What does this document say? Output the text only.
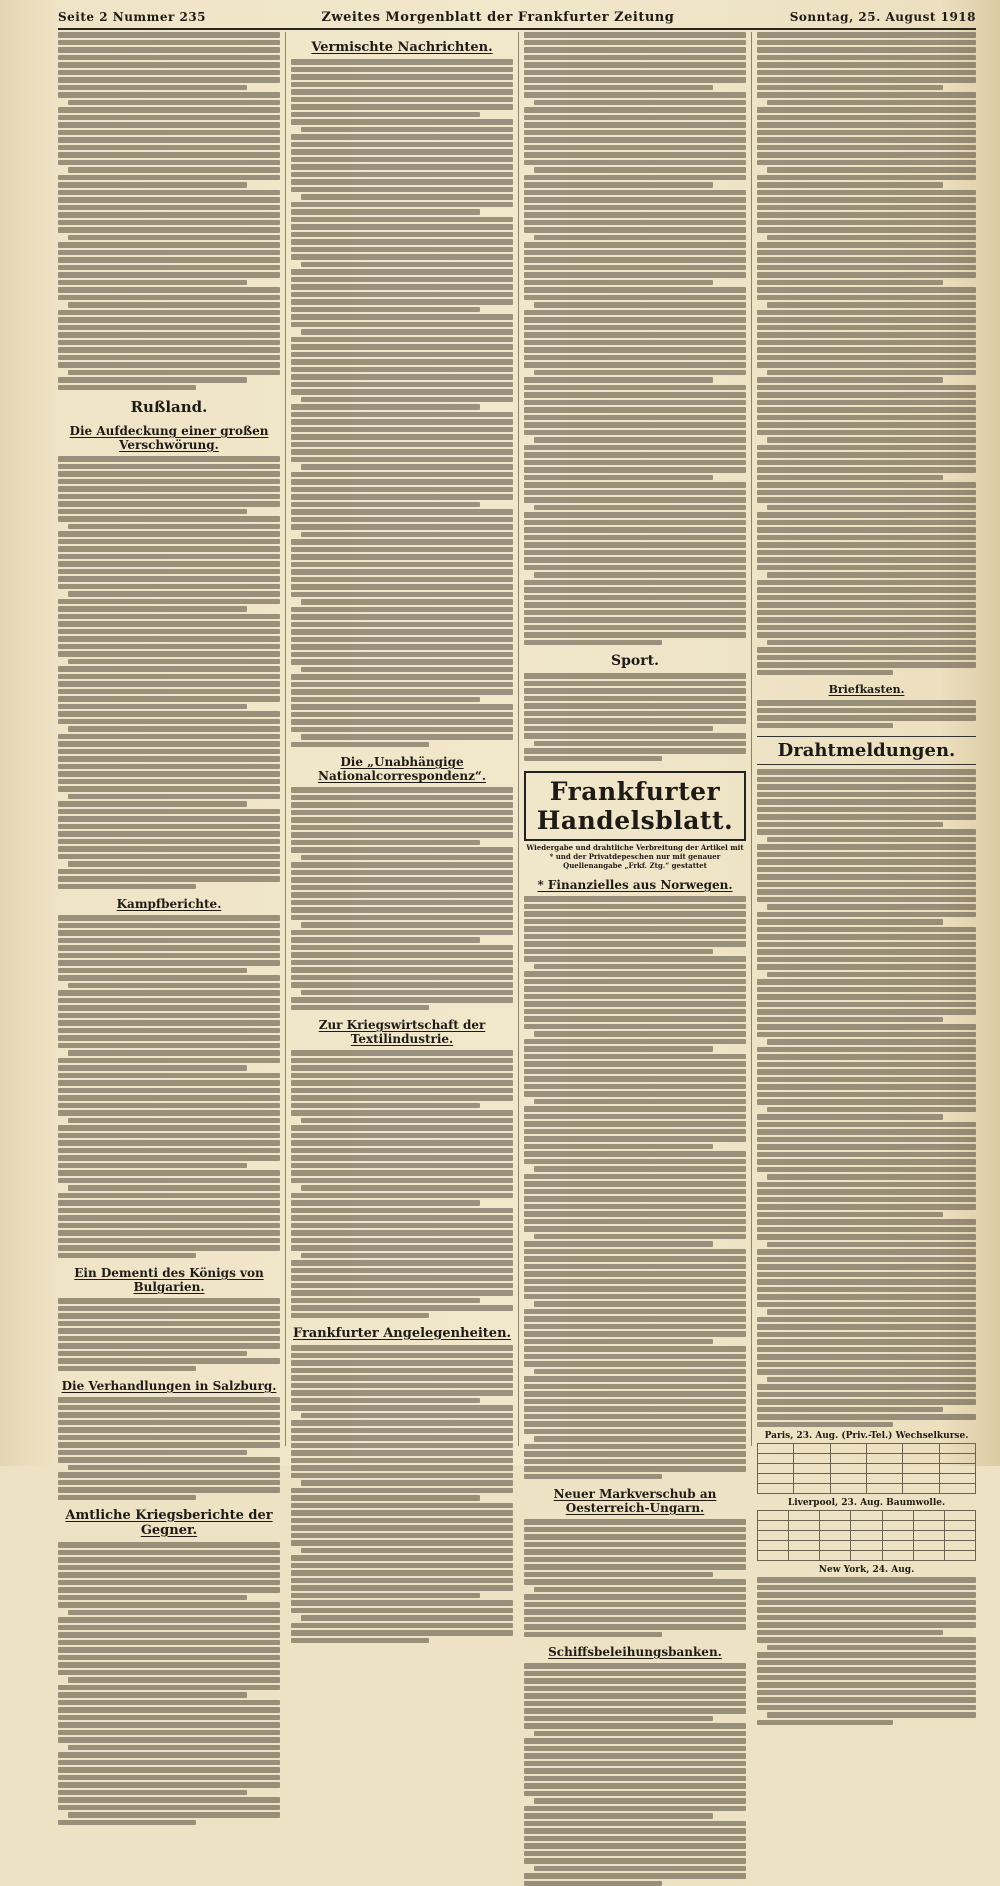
Seite 2 Nummer 235	Zweites Morgenblatt der Frankfurter Zeitung	Sonntag, 25. August 1918
Rußland.
Die Aufdeckung einer großen Verschwörung.
Kampfberichte.
Ein Dementi des Königs von Bulgarien.
Die Verhandlungen in Salzburg.
Amtliche Kriegsberichte der Gegner.
Vermischte Nachrichten.
Die „Unabhängige Nationalcorrespondenz“.
Zur Kriegswirtschaft der Textilindustrie.
Frankfurter Angelegenheiten.
Sport.
Frankfurter Handelsblatt.
Wiedergabe und drahtliche Verbreitung der Artikel mit * und der Privatdepeschen nur mit genauer Quellenangabe „Frkf. Ztg.“ gestattet
* Finanzielles aus Norwegen.
Neuer Markverschub an Oesterreich-Ungarn.
Schiffsbeleihungsbanken.
Briefkasten.
Drahtmeldungen.
Paris, 23. Aug. (Priv.-Tel.) Wechselkurse.

Liverpool, 23. Aug. Baumwolle.

New York, 24. Aug.
